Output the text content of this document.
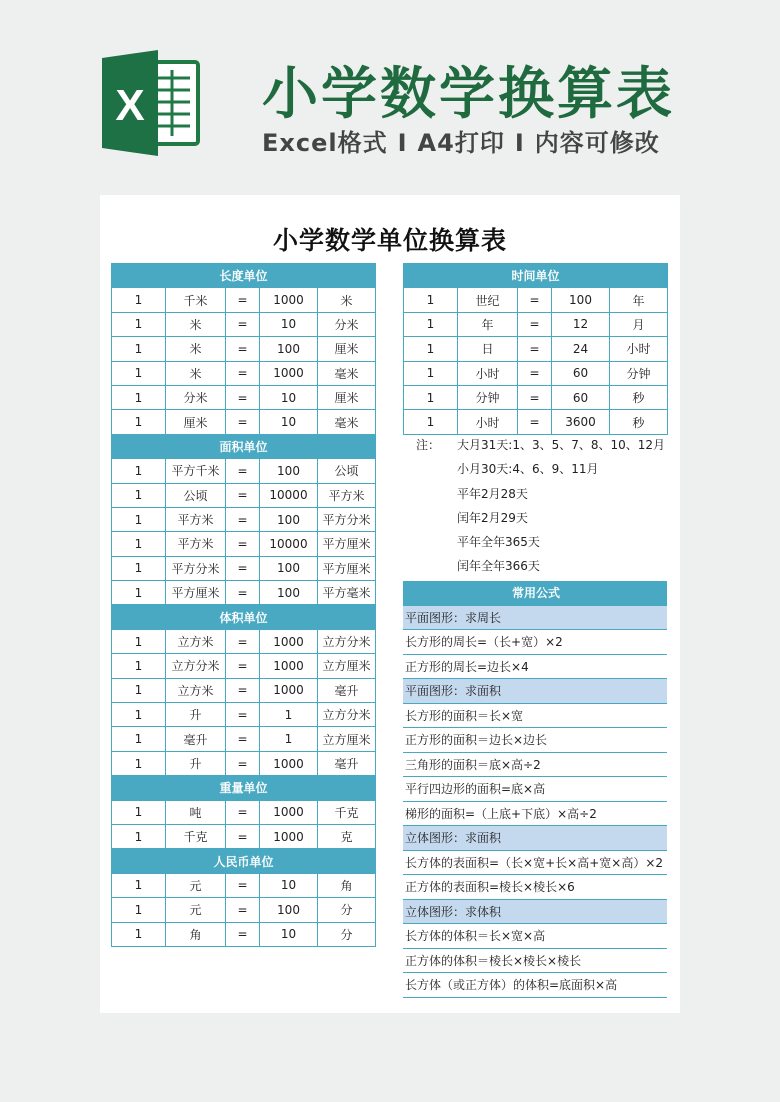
X 小学数学换算表
Excel格式 I A4打印 I 内容可修改
小学数学单位换算表
长度单位				
1	千米	=	1000	米
1	米	=	10	分米
1	米	=	100	厘米
1	米	=	1000	毫米
1	分米	=	10	厘米
1	厘米	=	10	毫米
面积单位				
1	平方千米	=	100	公顷
1	公顷	=	10000	平方米
1	平方米	=	100	平方分米
1	平方米	=	10000	平方厘米
1	平方分米	=	100	平方厘米
1	平方厘米	=	100	平方毫米
体积单位				
1	立方米	=	1000	立方分米
1	立方分米	=	1000	立方厘米
1	立方米	=	1000	毫升
1	升	=	1	立方分米
1	毫升	=	1	立方厘米
1	升	=	1000	毫升
重量单位				
1	吨	=	1000	千克
1	千克	=	1000	克
人民币单位				
1	元	=	10	角
1	元	=	100	分
1	角	=	10	分
时间单位				
1	世纪	=	100	年
1	年	=	12	月
1	日	=	24	小时
1	小时	=	60	分钟
1	分钟	=	60	秒
1	小时	=	3600	秒
注： 大月31天:1、3、5、7、8、10、12月
小月30天:4、6、9、11月
平年2月28天
闰年2月29天
平年全年365天
闰年全年366天
常用公式
平面图形：求周长
长方形的周长=（长+宽）×2
正方形的周长=边长×4
平面图形：求面积
长方形的面积＝长×宽
正方形的面积＝边长×边长
三角形的面积＝底×高÷2
平行四边形的面积=底×高
梯形的面积=（上底+下底）×高÷2
立体图形：求面积
长方体的表面积=（长×宽+长×高+宽×高）×2
正方体的表面积=棱长×棱长×6
立体图形：求体积
长方体的体积＝长×宽×高
正方体的体积＝棱长×棱长×棱长
长方体（或正方体）的体积=底面积×高
